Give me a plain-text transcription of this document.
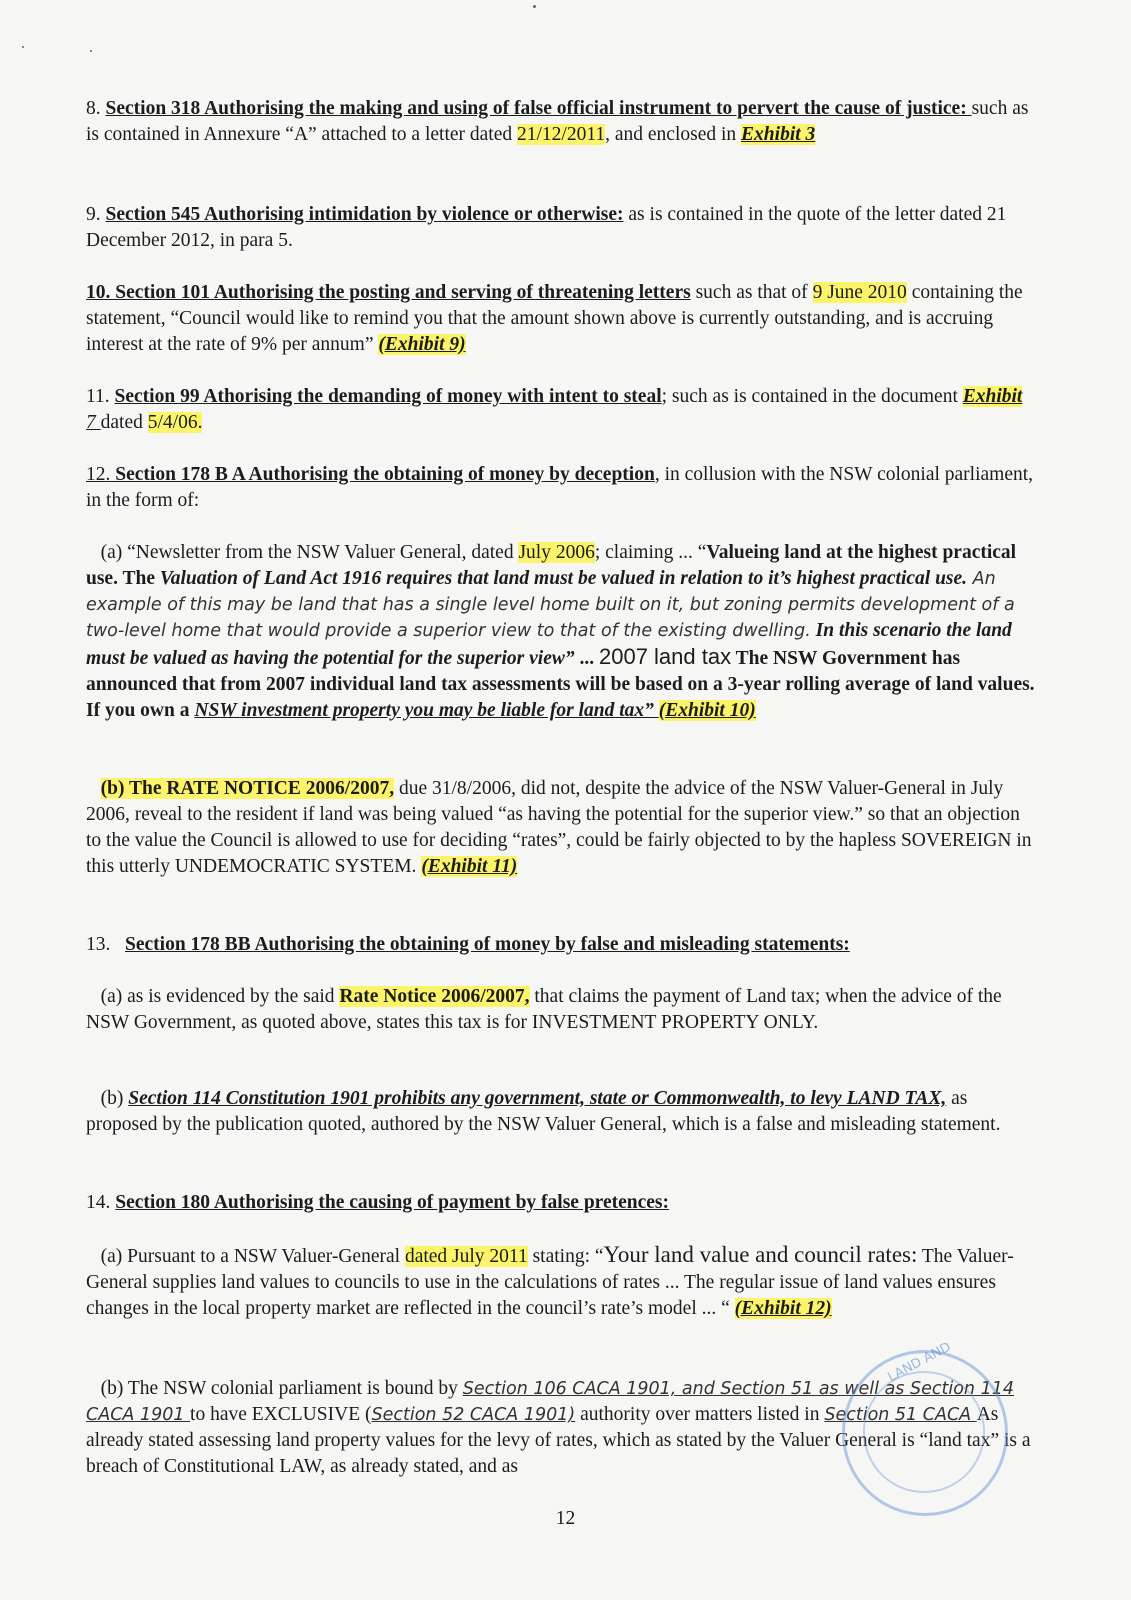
8. Section 318 Authorising the making and using of false official instrument to pervert the cause of justice: such as is contained in Annexure “A” attached to a letter dated 21/12/2011, and enclosed in Exhibit 3

9. Section 545 Authorising intimidation by violence or otherwise: as is contained in the quote of the letter dated 21 December 2012, in para 5.

10. Section 101 Authorising the posting and serving of threatening letters such as that of 9 June 2010 containing the statement, “Council would like to remind you that the amount shown above is currently outstanding, and is accruing interest at the rate of 9% per annum” (Exhibit 9)

11. Section 99 Athorising the demanding of money with intent to steal; such as is contained in the document Exhibit 7 dated 5/4/06.

12. Section 178 B A Authorising the obtaining of money by deception, in collusion with the NSW colonial parliament, in the form of:

(a) “Newsletter from the NSW Valuer General, dated July 2006; claiming ... “Valueing land at the highest practical use. The Valuation of Land Act 1916 requires that land must be valued in relation to it’s highest practical use. An example of this may be land that has a single level home built on it, but zoning permits development of a two-level home that would provide a superior view to that of the existing dwelling. In this scenario the land must be valued as having the potential for the superior view” ... 2007 land tax The NSW Government has announced that from 2007 individual land tax assessments will be based on a 3-year rolling average of land values. If you own a NSW investment property you may be liable for land tax” (Exhibit 10)

(b) The RATE NOTICE 2006/2007, due 31/8/2006, did not, despite the advice of the NSW Valuer-General in July 2006, reveal to the resident if land was being valued “as having the potential for the superior view.” so that an objection to the value the Council is allowed to use for deciding “rates”, could be fairly objected to by the hapless SOVEREIGN in this utterly UNDEMOCRATIC SYSTEM. (Exhibit 11)

13. Section 178 BB Authorising the obtaining of money by false and misleading statements:

(a) as is evidenced by the said Rate Notice 2006/2007, that claims the payment of Land tax; when the advice of the NSW Government, as quoted above, states this tax is for INVESTMENT PROPERTY ONLY.

(b) Section 114 Constitution 1901 prohibits any government, state or Commonwealth, to levy LAND TAX, as proposed by the publication quoted, authored by the NSW Valuer General, which is a false and misleading statement.

14. Section 180 Authorising the causing of payment by false pretences:

(a) Pursuant to a NSW Valuer-General dated July 2011 stating: “Your land value and council rates: The Valuer-General supplies land values to councils to use in the calculations of rates ... The regular issue of land values ensures changes in the local property market are reflected in the council’s rate’s model ... “ (Exhibit 12)

(b) The NSW colonial parliament is bound by Section 106 CACA 1901, and Section 51 as well as Section 114 CACA 1901 to have EXCLUSIVE (Section 52 CACA 1901) authority over matters listed in Section 51 CACA As already stated assessing land property values for the levy of rates, which as stated by the Valuer General is “land tax” is a breach of Constitutional LAW, as already stated, and as

LAND AND
12
